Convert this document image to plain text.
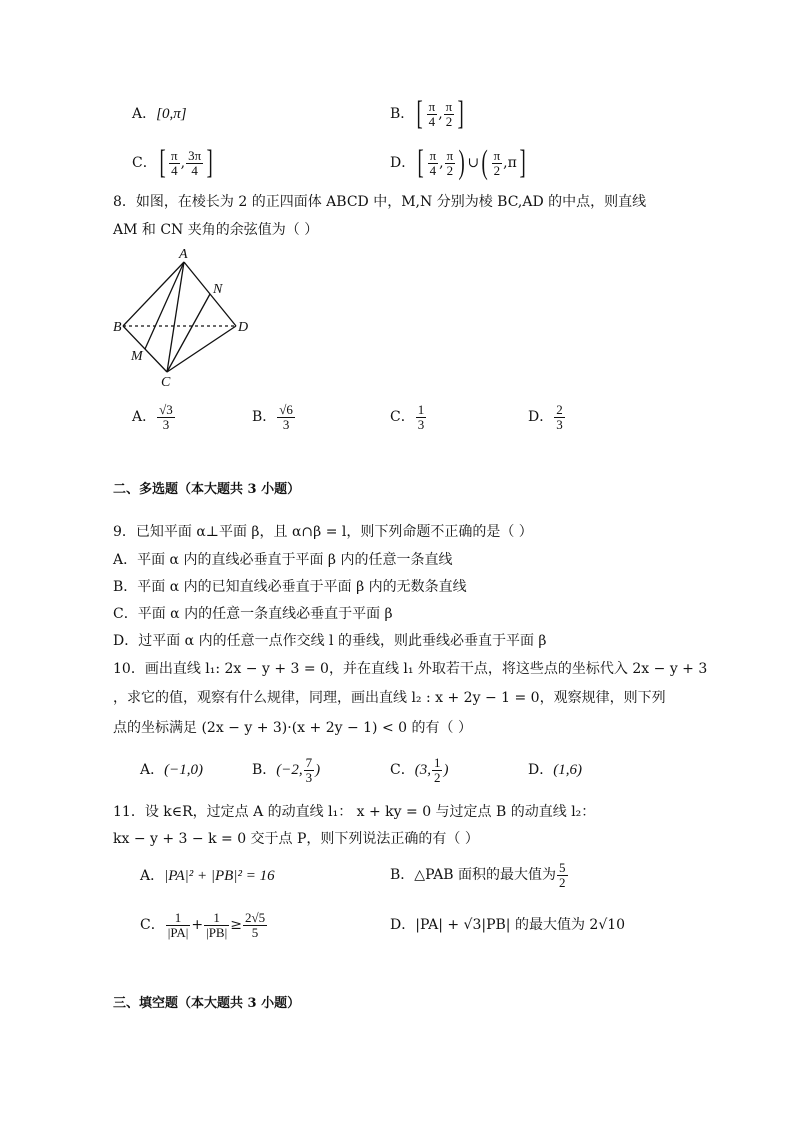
A．[0,π]	B．[ $\frac{\pi}{4}$ , $\frac{\pi}{2}$ ]
C．[ $\frac{\pi}{4}$ , $\frac{3\pi}{4}$ ]	D．[ $\frac{\pi}{4}$ , $\frac{\pi}{2}$ ) ∪( $\frac{\pi}{2} ,\pi$]
8．如图，在棱长为 2 的正四面体 ABCD 中，M,N 分别为棱 BC,AD 的中点，则直线
AM 和 CN 夹角的余弦值为（ ）
A
B
C
D
M
N
A． $\frac{√3}{3}$	B． $\frac{√6}{3}$	C． $\frac{1}{3}$	D． $\frac{2}{3}$
二、多选题（本大题共 3 小题）
9．已知平面 α⊥平面 β，且 α∩β = l，则下列命题不正确的是（ ）
A．平面 α 内的直线必垂直于平面 β 内的任意一条直线
B．平面 α 内的已知直线必垂直于平面 β 内的无数条直线
C．平面 α 内的任意一条直线必垂直于平面 β
D．过平面 α 内的任意一点作交线 l 的垂线，则此垂线必垂直于平面 β
10．画出直线 l₁: 2x − y + 3 = 0，并在直线 l₁ 外取若干点，将这些点的坐标代入 2x − y + 3
，求它的值，观察有什么规律，同理，画出直线 l₂ : x + 2y − 1 = 0，观察规律，则下列
点的坐标满足 (2x − y + 3)·(x + 2y − 1) < 0 的有（ ）
A．(−1,0)	B．(−2, $\frac{7}{3}$ )	C．(3, $\frac{1}{2}$ )	D．(1,6)
11．设 k∈R，过定点 A 的动直线 l₁： x + ky = 0 与过定点 B 的动直线 l₂：
kx − y + 3 − k = 0 交于点 P，则下列说法正确的有（ ）
A．|PA|² + |PB|² = 16	B．△PAB 面积的最大值为 $\frac{5}{2}$
C． $\frac{1}{|PA|} + \frac{1}{|PB|} \ge \frac{2√5}{5}$	D．|PA| + √3|PB| 的最大值为 2√10
三、填空题（本大题共 3 小题）
